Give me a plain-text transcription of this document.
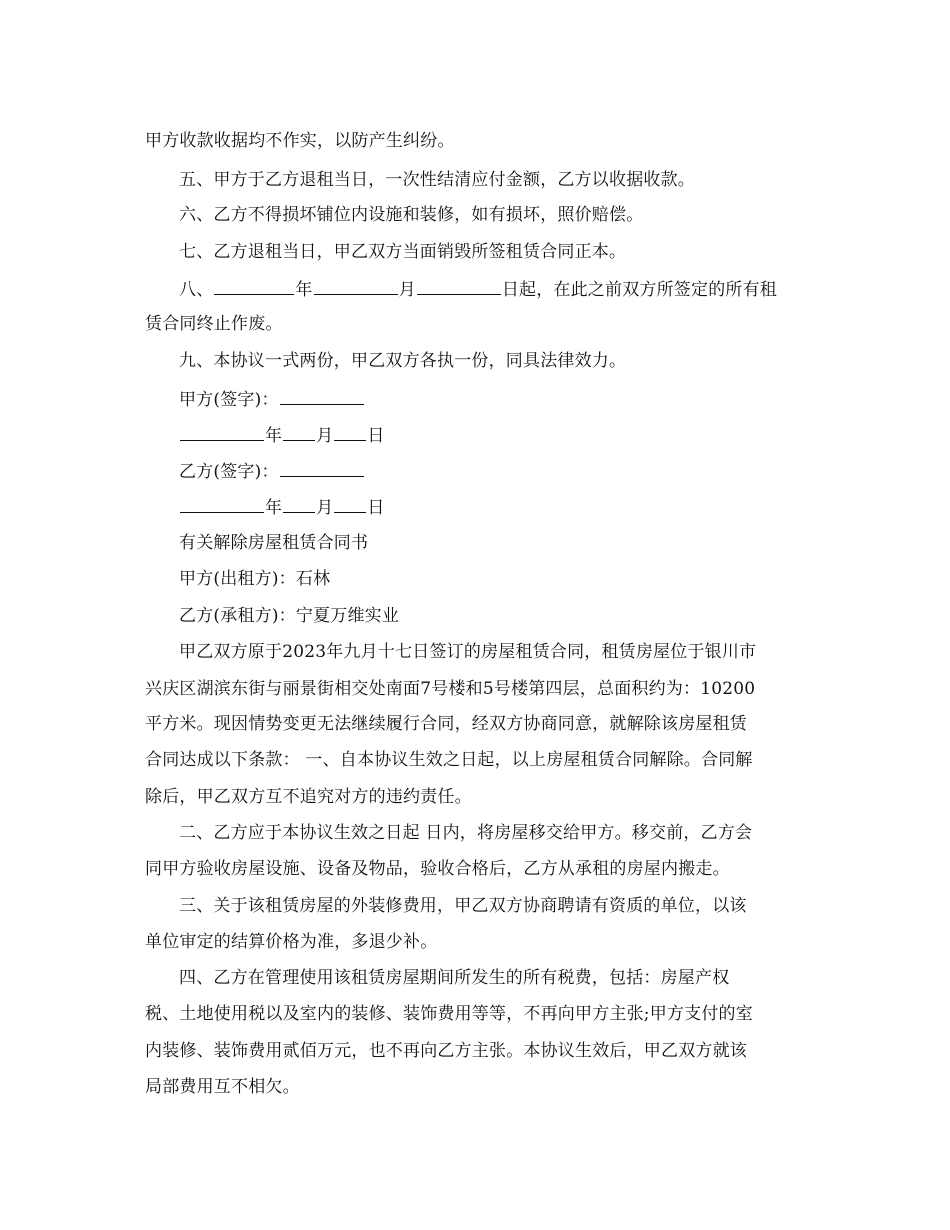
甲方收款收据均不作实，以防产生纠纷。
五、甲方于乙方退租当日，一次性结清应付金额，乙方以收据收款。
六、乙方不得损坏铺位内设施和装修，如有损坏，照价赔偿。
七、乙方退租当日，甲乙双方当面销毁所签租赁合同正本。
八、	年	月	日起，在此之前双方所签定的所有租
赁合同终止作废。
九、本协议一式两份，甲乙双方各执一份，同具法律效力。
甲方(签字)：
年 月 日
乙方(签字)：
年 月 日
有关解除房屋租赁合同书
甲方(出租方)：石林
乙方(承租方)：宁夏万维实业
甲乙双方原于2023年九月十七日签订的房屋租赁合同，租赁房屋位于银川市
兴庆区湖滨东街与丽景街相交处南面7号楼和5号楼第四层，总面积约为：10200
平方米。现因情势变更无法继续履行合同，经双方协商同意，就解除该房屋租赁
合同达成以下条款： 一、自本协议生效之日起，以上房屋租赁合同解除。合同解
除后，甲乙双方互不追究对方的违约责任。
二、乙方应于本协议生效之日起 日内，将房屋移交给甲方。移交前，乙方会
同甲方验收房屋设施、设备及物品，验收合格后，乙方从承租的房屋内搬走。
三、关于该租赁房屋的外装修费用，甲乙双方协商聘请有资质的单位，以该
单位审定的结算价格为准，多退少补。
四、乙方在管理使用该租赁房屋期间所发生的所有税费，包括：房屋产权
税、土地使用税以及室内的装修、装饰费用等等，不再向甲方主张;甲方支付的室
内装修、装饰费用贰佰万元，也不再向乙方主张。本协议生效后，甲乙双方就该
局部费用互不相欠。
